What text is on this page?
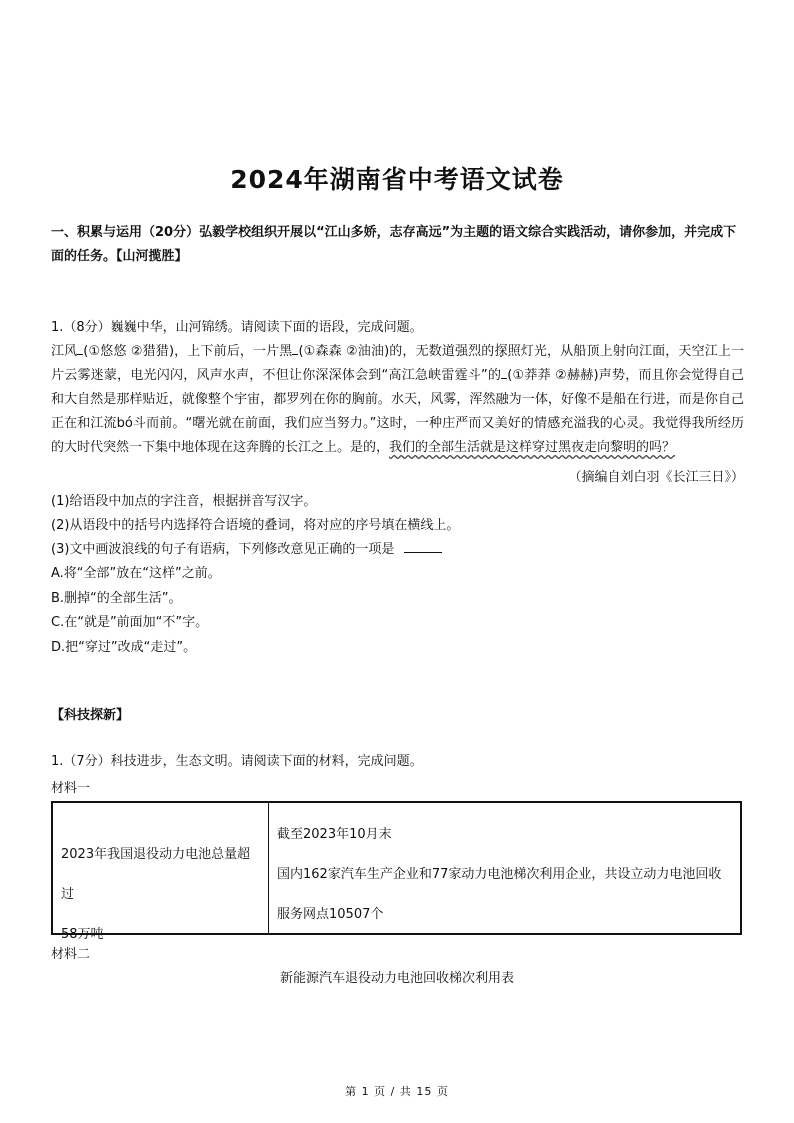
2024年湖南省中考语文试卷
一、积累与运用（20分）弘毅学校组织开展以“江山多娇，志存高远”为主题的语文综合实践活动，请你参加，并完成下面的任务。【山河揽胜】

1.（8分）巍巍中华，山河锦绣。请阅读下面的语段，完成问题。

江风 (①悠悠 ②猎猎)，上下前后，一片黑 (①森森 ②油油)的，无数道强烈的探照灯光，从船顶上射向江面，天空江上一片云雾迷蒙，电光闪闪，风声水声，不但让你深深体会到“高江急峡雷霆斗”的 (①莽莽 ②赫赫)声势，而且你会觉得自己和大自然是那样贴近，就像整个宇宙，都罗列在你的胸前。水天，风雾，浑然融为一体，好像不是船在行进，而是你自己正在和江流bó斗而前。“曙光就在前面，我们应当努力。”这时，一种庄严而又美好的情感充溢我的心灵。我觉得我所经历的大时代突然一下集中地体现在这奔腾的长江之上。是的，我们的全部生活就是这样穿过黑夜走向黎明的吗？

（摘编自刘白羽《长江三日》）

(1)给语段中加点的字注音，根据拼音写汉字。

(2)从语段中的括号内选择符合语境的叠词，将对应的序号填在横线上。

(3)文中画波浪线的句子有语病，下列修改意见正确的一项是

A.将“全部”放在“这样”之前。

B.删掉“的全部生活”。

C.在“就是”前面加“不”字。

D.把“穿过”改成“走过”。

【科技探新】
1.（7分）科技进步，生态文明。请阅读下面的材料，完成问题。
材料一
2023年我国退役动力电池总量超过
58万吨

截至2023年10月末

国内162家汽车生产企业和77家动力电池梯次利用企业，共设立动力电池回收

服务网点10507个

材料二
新能源汽车退役动力电池回收梯次利用表
第 1 页 / 共 15 页
